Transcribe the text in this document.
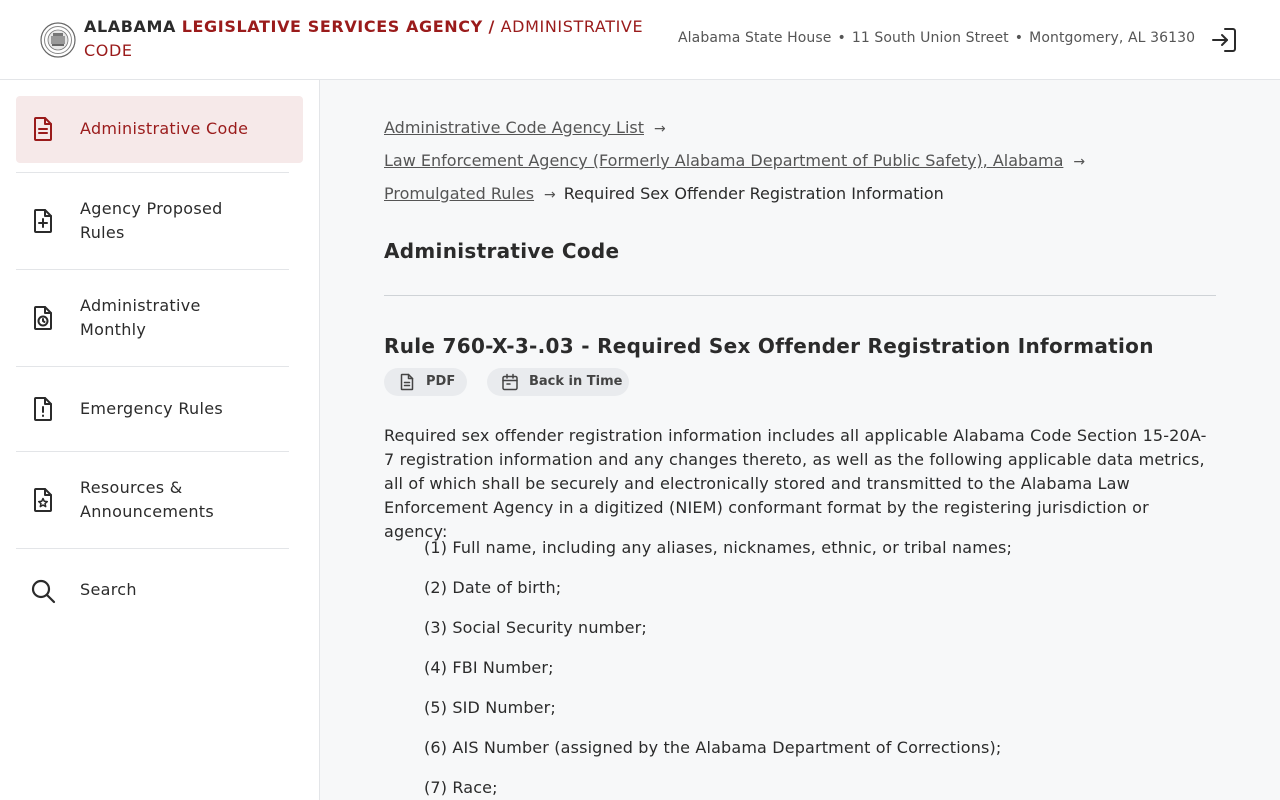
ALABAMA LEGISLATIVE SERVICES AGENCY / ADMINISTRATIVE CODE
Alabama State House • 11 South Union Street • Montgomery, AL 36130
Administrative Code
Agency Proposed Rules
Administrative Monthly
Emergency Rules
Resources & Announcements
Search
Administrative Code Agency List →
Law Enforcement Agency (Formerly Alabama Department of Public Safety), Alabama →
Promulgated Rules → Required Sex Offender Registration Information
Administrative Code
Rule 760-X-3-.03 - Required Sex Offender Registration Information
PDF	Back in Time

Required sex offender registration information includes all applicable Alabama Code Section 15-20A-7 registration information and any changes thereto, as well as the following applicable data metrics, all of which shall be securely and electronically stored and transmitted to the Alabama Law Enforcement Agency in a digitized (NIEM) conformant format by the registering jurisdiction or agency:

(1) Full name, including any aliases, nicknames, ethnic, or tribal names;
(2) Date of birth;
(3) Social Security number;
(4) FBI Number;
(5) SID Number;
(6) AIS Number (assigned by the Alabama Department of Corrections);
(7) Race;
